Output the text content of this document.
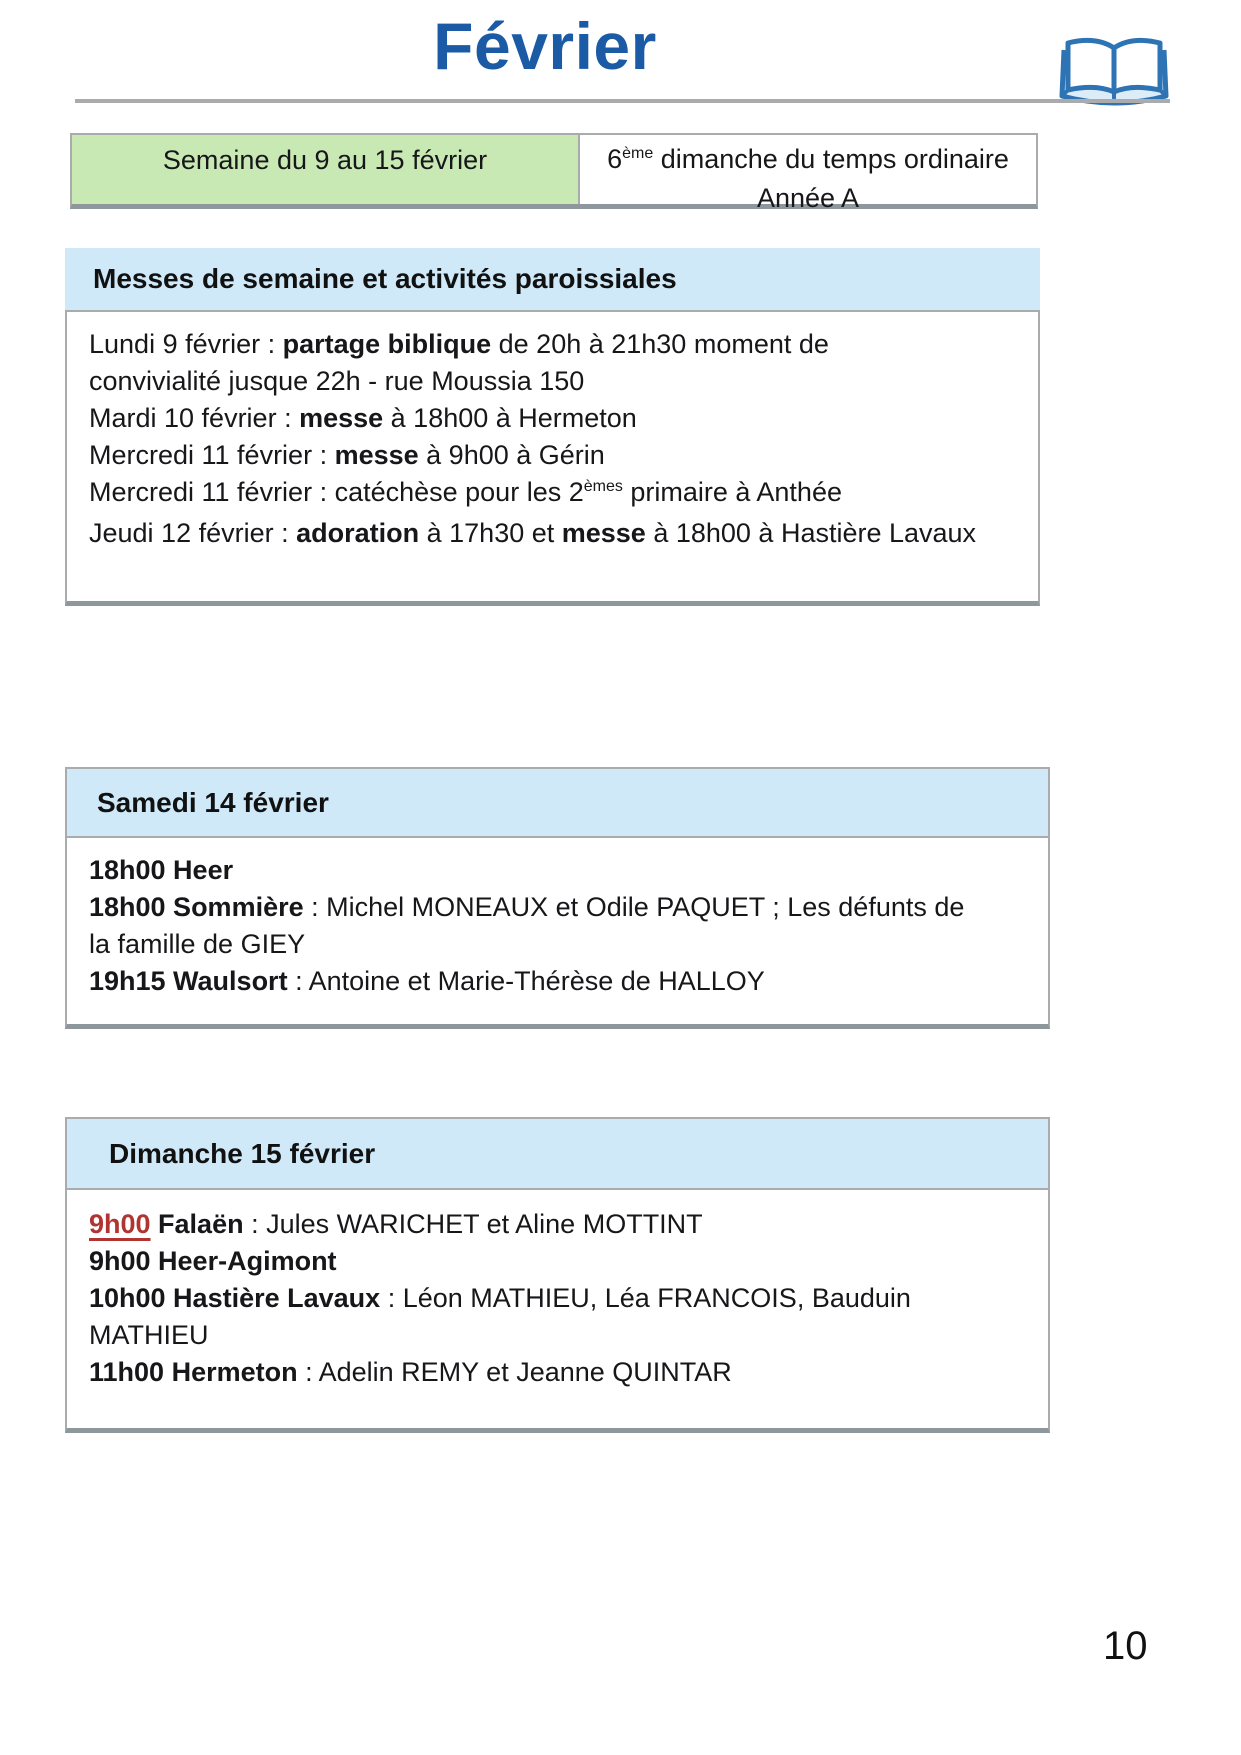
Février
Semaine du 9 au 15 février	6ème dimanche du temps ordinaire
Année A
Messes de semaine et activités paroissiales

Lundi 9 février : partage biblique de 20h à 21h30 moment de

convivialité jusque 22h - rue Moussia 150

Mardi 10 février : messe à 18h00 à Hermeton

Mercredi 11 février : messe à 9h00 à Gérin

Mercredi 11 février : catéchèse pour les 2èmes primaire à Anthée

Jeudi 12 février : adoration à 17h30 et messe à 18h00 à Hastière Lavaux

Samedi 14 février

18h00 Heer

18h00 Sommière : Michel MONEAUX et Odile PAQUET ; Les défunts de

la famille de GIEY

19h15 Waulsort : Antoine et Marie-Thérèse de HALLOY

Dimanche 15 février

9h00 Falaën : Jules WARICHET et Aline MOTTINT

9h00 Heer-Agimont

10h00 Hastière Lavaux : Léon MATHIEU, Léa FRANCOIS, Bauduin

MATHIEU

11h00 Hermeton : Adelin REMY et Jeanne QUINTAR

10
